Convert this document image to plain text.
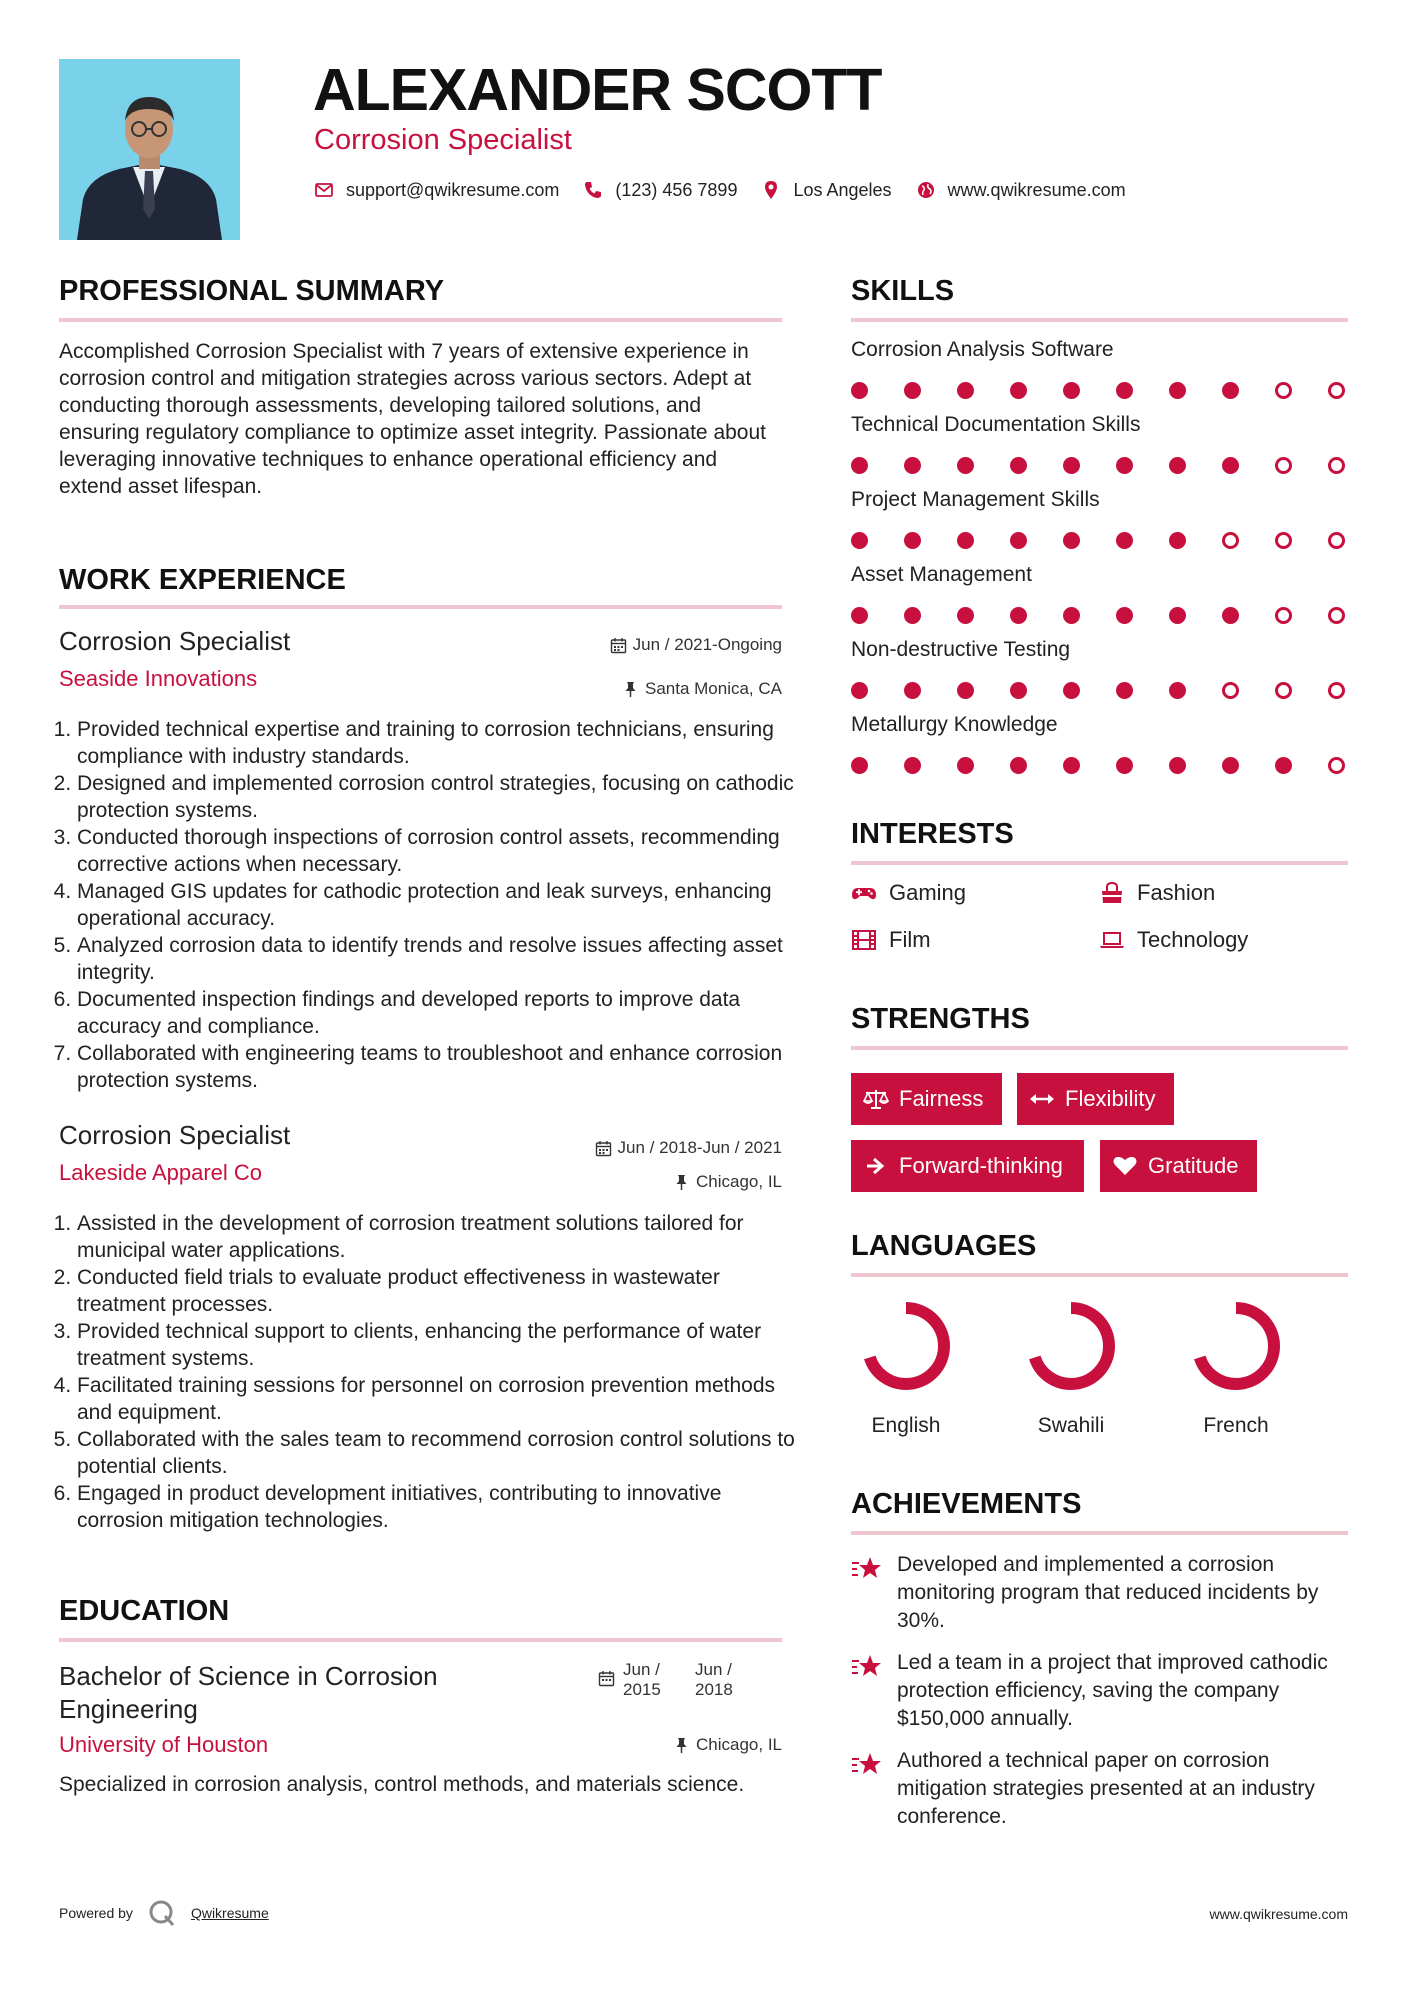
ALEXANDER SCOTT
Corrosion Specialist
support@qwikresume.com	(123) 456 7899	Los Angeles	www.qwikresume.com
PROFESSIONAL SUMMARY
Accomplished Corrosion Specialist with 7 years of extensive experience in corrosion control and mitigation strategies across various sectors. Adept at conducting thorough assessments, developing tailored solutions, and ensuring regulatory compliance to optimize asset integrity. Passionate about leveraging innovative techniques to enhance operational efficiency and extend asset lifespan.
WORK EXPERIENCE
Corrosion Specialist
Seaside Innovations
Jun / 2021-Ongoing
Santa Monica, CA
1. Provided technical expertise and training to corrosion technicians, ensuring compliance with industry standards.
2. Designed and implemented corrosion control strategies, focusing on cathodic protection systems.
3. Conducted thorough inspections of corrosion control assets, recommending corrective actions when necessary.
4. Managed GIS updates for cathodic protection and leak surveys, enhancing operational accuracy.
5. Analyzed corrosion data to identify trends and resolve issues affecting asset integrity.
6. Documented inspection findings and developed reports to improve data accuracy and compliance.
7. Collaborated with engineering teams to troubleshoot and enhance corrosion protection systems.
Corrosion Specialist
Lakeside Apparel Co
Jun / 2018-Jun / 2021
Chicago, IL
1. Assisted in the development of corrosion treatment solutions tailored for municipal water applications.
2. Conducted field trials to evaluate product effectiveness in wastewater treatment processes.
3. Provided technical support to clients, enhancing the performance of water treatment systems.
4. Facilitated training sessions for personnel on corrosion prevention methods and equipment.
5. Collaborated with the sales team to recommend corrosion control solutions to potential clients.
6. Engaged in product development initiatives, contributing to innovative corrosion mitigation technologies.
EDUCATION
Bachelor of Science in Corrosion Engineering
Jun /
2015
Jun /
2018
University of Houston	Chicago, IL
Specialized in corrosion analysis, control methods, and materials science.
SKILLS
Corrosion Analysis Software
Technical Documentation Skills
Project Management Skills
Asset Management
Non-destructive Testing
Metallurgy Knowledge
INTERESTS
Gaming	Fashion
Film	Technology
STRENGTHS
Fairness	Flexibility
Forward-thinking	Gratitude
LANGUAGES
English	Swahili	French
ACHIEVEMENTS
Developed and implemented a corrosion monitoring program that reduced incidents by 30%.
Led a team in a project that improved cathodic protection efficiency, saving the company $150,000 annually.
Authored a technical paper on corrosion mitigation strategies presented at an industry conference.
Powered by	Qwikresume	www.qwikresume.com
